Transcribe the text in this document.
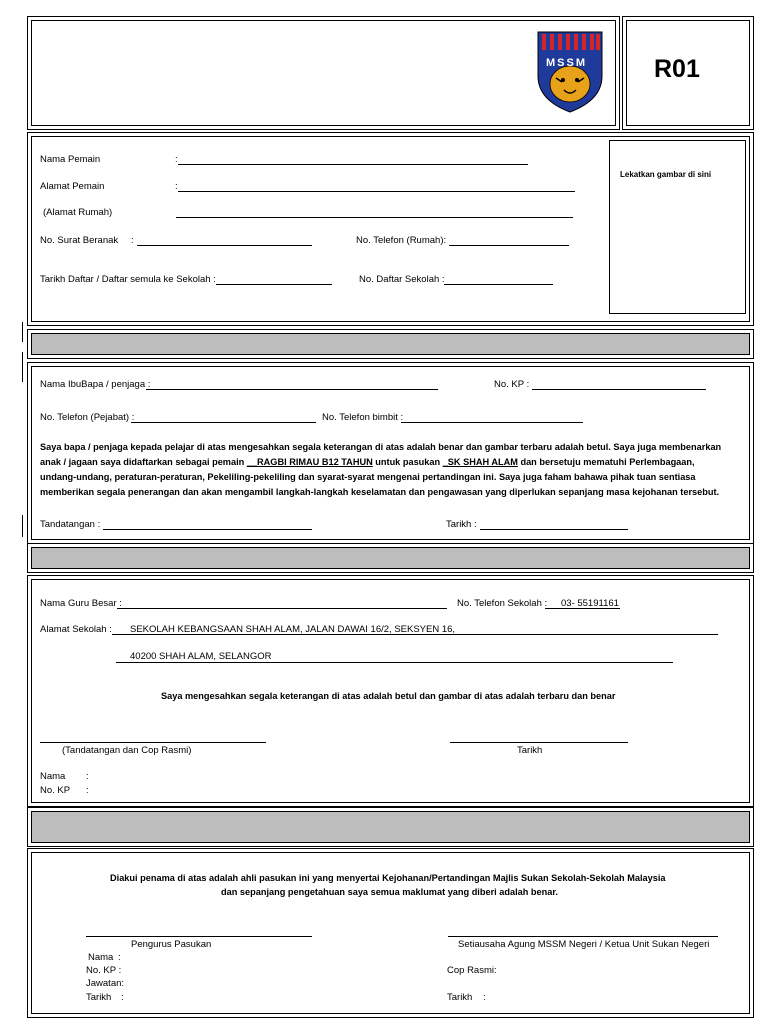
MSSM	R01
Nama Pemain	:
Alamat Pemain	:
(Alamat Rumah)
No. Surat Beranak :	No. Telefon (Rumah):
Tarikh Daftar / Daftar semula ke Sekolah :	No. Daftar Sekolah :
Lekatkan gambar di sini
Nama IbuBapa / penjaga :	No. KP :
No. Telefon (Pejabat) :	No. Telefon bimbit :
Saya bapa / penjaga kepada pelajar di atas mengesahkan segala keterangan di atas adalah benar dan gambar terbaru adalah betul. Saya juga membenarkan
anak / jagaan saya didaftarkan sebagai pemain __RAGBI RIMAU B12 TAHUN untuk pasukan _SK SHAH ALAM dan bersetuju mematuhi Perlembagaan,
undang-undang, peraturan-peraturan, Pekeliling-pekeliling dan syarat-syarat mengenai pertandingan ini. Saya juga faham bahawa pihak tuan sentiasa
memberikan segala penerangan dan akan mengambil langkah-langkah keselamatan dan pengawasan yang diperlukan sepanjang masa kejohanan tersebut.
Tandatangan :	Tarikh :
Nama Guru Besar :	No. Telefon Sekolah : 03- 55191161
Alamat Sekolah : SEKOLAH KEBANGSAAN SHAH ALAM, JALAN DAWAI 16/2, SEKSYEN 16,
40200 SHAH ALAM, SELANGOR
Saya mengesahkan segala keterangan di atas adalah betul dan gambar di atas adalah terbaru dan benar
(Tandatangan dan Cop Rasmi)	Tarikh
Nama :
No. KP :
Diakui penama di atas adalah ahli pasukan ini yang menyertai Kejohanan/Pertandingan Majlis Sukan Sekolah-Sekolah Malaysia
dan sepanjang pengetahuan saya semua maklumat yang diberi adalah benar.
Pengurus Pasukan	Setiausaha Agung MSSM Negeri / Ketua Unit Sukan Negeri
Nama :
No. KP :
Jawatan:
Tarikh :
Cop Rasmi:
Tarikh :
